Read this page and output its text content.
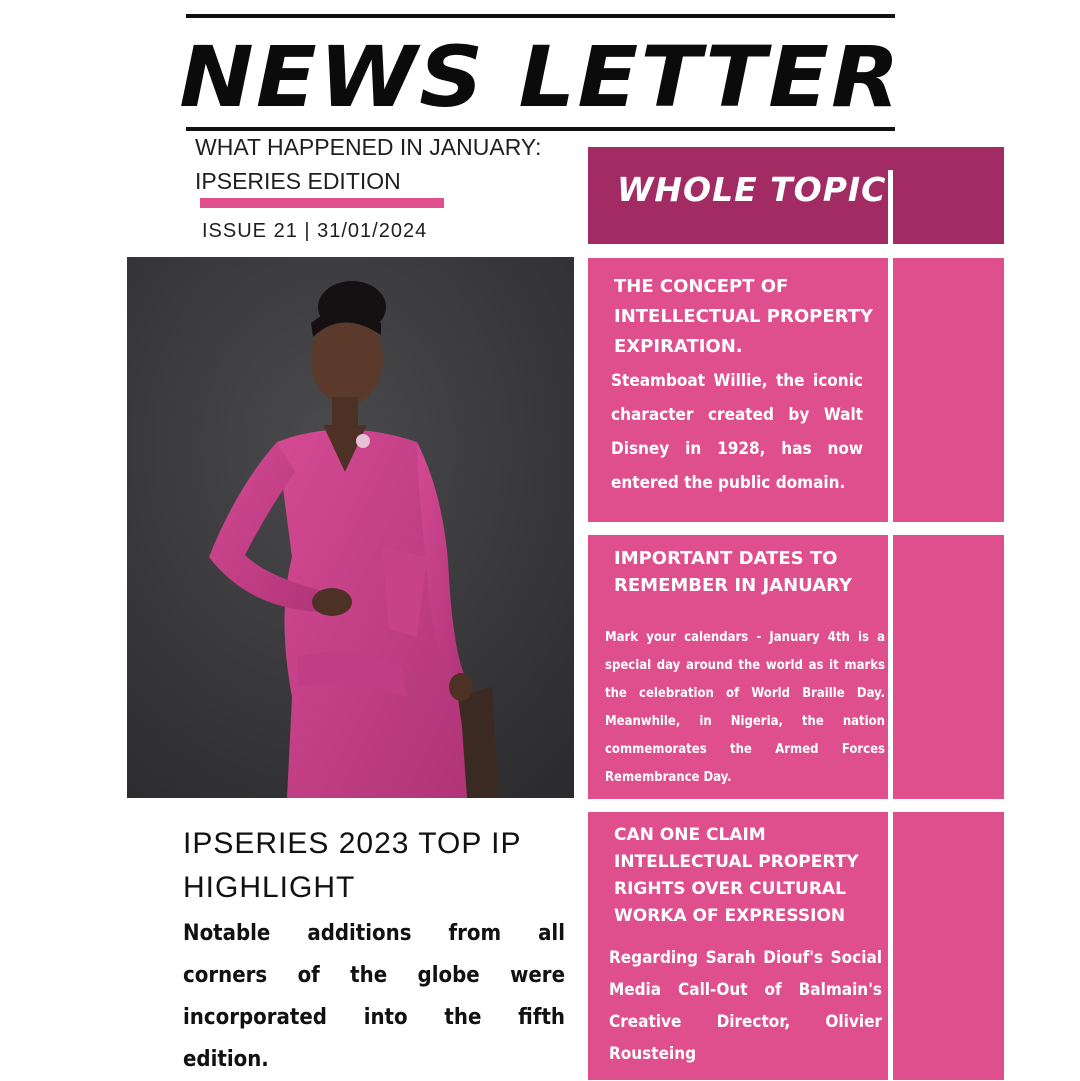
NEWS LETTER
WHAT HAPPENED IN JANUARY:
IPSERIES EDITION
ISSUE 21 | 31/01/2024
IPSERIES 2023 TOP IP HIGHLIGHT
Notable additions from all corners of the globe were incorporated into the fifth edition.
WHOLE TOPIC
THE CONCEPT OF INTELLECTUAL PROPERTY EXPIRATION.
Steamboat Willie, the iconic character created by Walt Disney in 1928, has now entered the public domain.
IMPORTANT DATES TO REMEMBER IN JANUARY
Mark your calendars - January 4th is a special day around the world as it marks the celebration of World Braille Day. Meanwhile, in Nigeria, the nation commemorates the Armed Forces Remembrance Day.
CAN ONE CLAIM INTELLECTUAL PROPERTY RIGHTS OVER CULTURAL WORKA OF EXPRESSION
Regarding Sarah Diouf's Social Media Call-Out of Balmain's Creative Director, Olivier Rousteing
